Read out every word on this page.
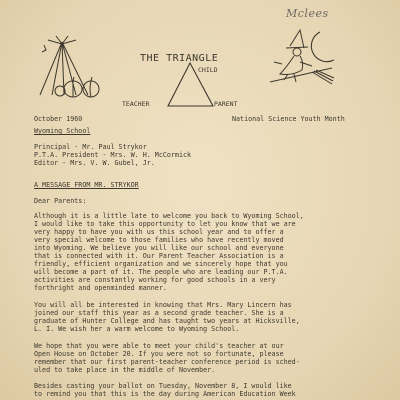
Mclees
THE TRIANGLE
CHILD
TEACHER	PARENT
October 1960	National Science Youth Month
Wyoming School
Principal - Mr. Paul Strykor
P.T.A. President - Mrs. W. H. McCormick
Editor - Mrs. V. W. Gubel, Jr.
A MESSAGE FROM MR. STRYKOR
Dear Parents:
Although it is a little late to welcome you back to Wyoming School,
I would like to take this opportunity to let you know that we are
very happy to have you with us this school year and to offer a
very special welcome to those families who have recently moved
into Wyoming. We believe you will like our school and everyone
that is connected with it. Our Parent Teacher Association is a
friendly, efficient organization and we sincerely hope that you
will become a part of it. The people who are leading our P.T.A.
activities are constantly working for good schools in a very
forthright and openminded manner.
You will all be interested in knowing that Mrs. Mary Lincern has
joined our staff this year as a second grade teacher. She is a
graduate of Hunter College and has taught two years at Hicksville,
L. I. We wish her a warm welcome to Wyoming School.
We hope that you were able to meet your child's teacher at our
Open House on October 20. If you were not so fortunate, please
remember that our first parent-teacher conference period is sched-
uled to take place in the middle of November.
Besides casting your ballot on Tuesday, November 8, I would like
to remind you that this is the day during American Education Week
